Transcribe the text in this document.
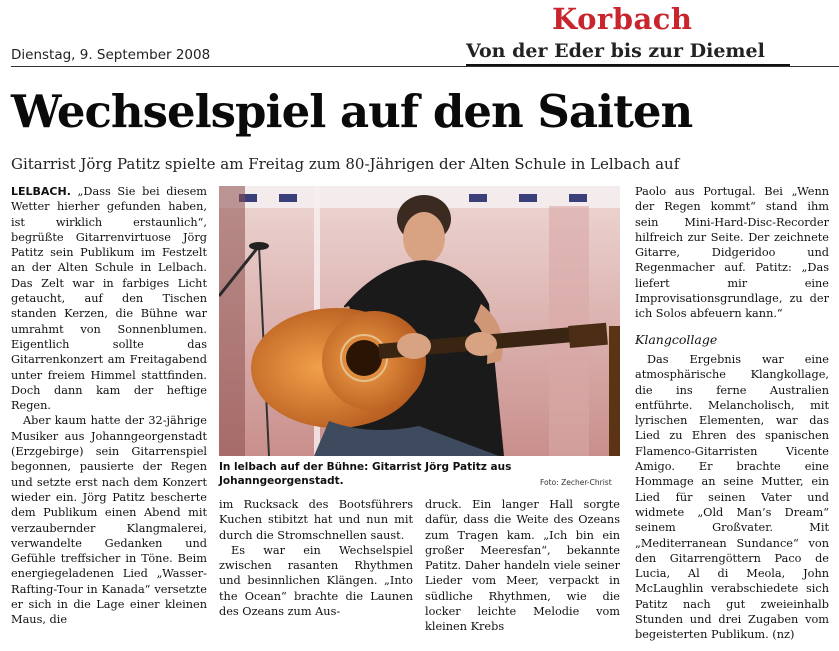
Korbach
Dienstag, 9. September 2008	Von der Eder bis zur Diemel
Wechselspiel auf den Saiten
Gitarrist Jörg Patitz spielte am Freitag zum 80-Jährigen der Alten Schule in Lelbach auf

LELBACH. „Dass Sie bei diesem Wetter hierher gefunden haben, ist wirklich erstaunlich“, begrüßte Gitarrenvirtuose Jörg Patitz sein Publikum im Festzelt an der Alten Schule in Lelbach. Das Zelt war in farbiges Licht getaucht, auf den Tischen standen Kerzen, die Bühne war umrahmt von Sonnenblumen. Eigentlich sollte das Gitarrenkonzert am Freitagabend unter freiem Himmel stattfinden. Doch dann kam der heftige Regen.

Aber kaum hatte der 32-jährige Musiker aus Johanngeorgenstadt (Erzgebirge) sein Gitarrenspiel begonnen, pausierte der Regen und setzte erst nach dem Konzert wieder ein. Jörg Patitz bescherte dem Publikum einen Abend mit verzaubernder Klangmalerei, verwandelte Gedanken und Gefühle treffsicher in Töne. Beim energiegeladenen Lied „Wasser-Rafting-Tour in Kanada“ versetzte er sich in die Lage einer kleinen Maus, die

In lelbach auf der Bühne: Gitarrist Jörg Patitz aus Johanngeorgenstadt.	Foto: Zecher-Christ

im Rucksack des Bootsführers Kuchen stibitzt hat und nun mit durch die Stromschnellen saust.

Es war ein Wechselspiel zwischen rasanten Rhythmen und besinnlichen Klängen. „Into the Ocean“ brachte die Launen des Ozeans zum Aus-

druck. Ein langer Hall sorgte dafür, dass die Weite des Ozeans zum Tragen kam. „Ich bin ein großer Meeresfan“, bekannte Patitz. Daher handeln viele seiner Lieder vom Meer, verpackt in südliche Rhythmen, wie die locker leichte Melodie vom kleinen Krebs

Paolo aus Portugal. Bei „Wenn der Regen kommt“ stand ihm sein Mini-Hard-Disc-Recorder hilfreich zur Seite. Der zeichnete Gitarre, Didgeridoo und Regenmacher auf. Patitz: „Das liefert mir eine Improvisationsgrundlage, zu der ich Solos abfeuern kann.“

Klangcollage

Das Ergebnis war eine atmosphärische Klangkollage, die ins ferne Australien entführte. Melancholisch, mit lyrischen Elementen, war das Lied zu Ehren des spanischen Flamenco-Gitarristen Vicente Amigo. Er brachte eine Hommage an seine Mutter, ein Lied für seinen Vater und widmete „Old Man’s Dream“ seinem Großvater. Mit „Mediterranean Sundance“ von den Gitarrengöttern Paco de Lucia, Al di Meola, John McLaughlin verabschiedete sich Patitz nach gut zweieinhalb Stunden und drei Zugaben vom begeisterten Publikum. (nz)
